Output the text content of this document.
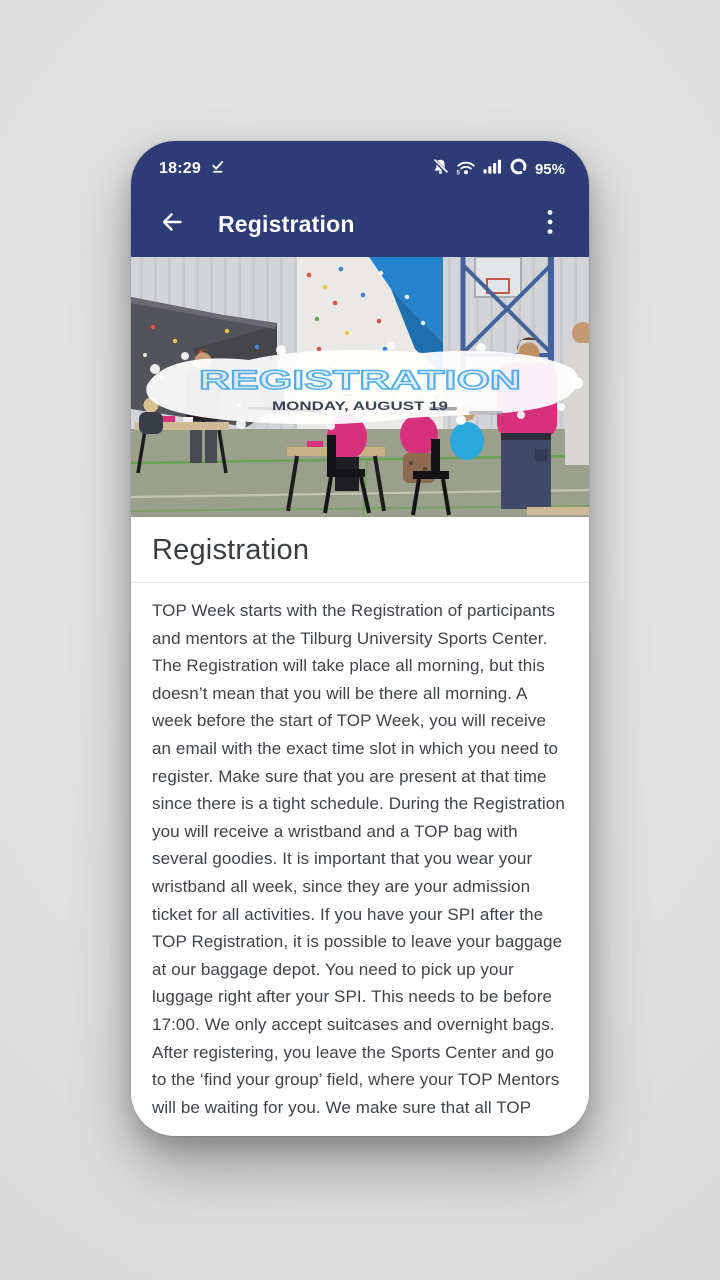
18:29	5	95%
Registration
REGISTRATION
MONDAY, AUGUST 19
Registration
TOP Week starts with the Registration of participants and mentors at the Tilburg University Sports Center. The Registration will take place all morning, but this doesn’t mean that you will be there all morning. A week before the start of TOP Week, you will receive an email with the exact time slot in which you need to register. Make sure that you are present at that time since there is a tight schedule. During the Registration you will receive a wristband and a TOP bag with several goodies. It is important that you wear your wristband all week, since they are your admission ticket for all activities. If you have your SPI after the TOP Registration, it is possible to leave your baggage at our baggage depot. You need to pick up your luggage right after your SPI. This needs to be before 17:00. We only accept suitcases and overnight bags. After registering, you leave the Sports Center and go to the ‘find your group’ field, where your TOP Mentors will be waiting for you. We make sure that all TOP
